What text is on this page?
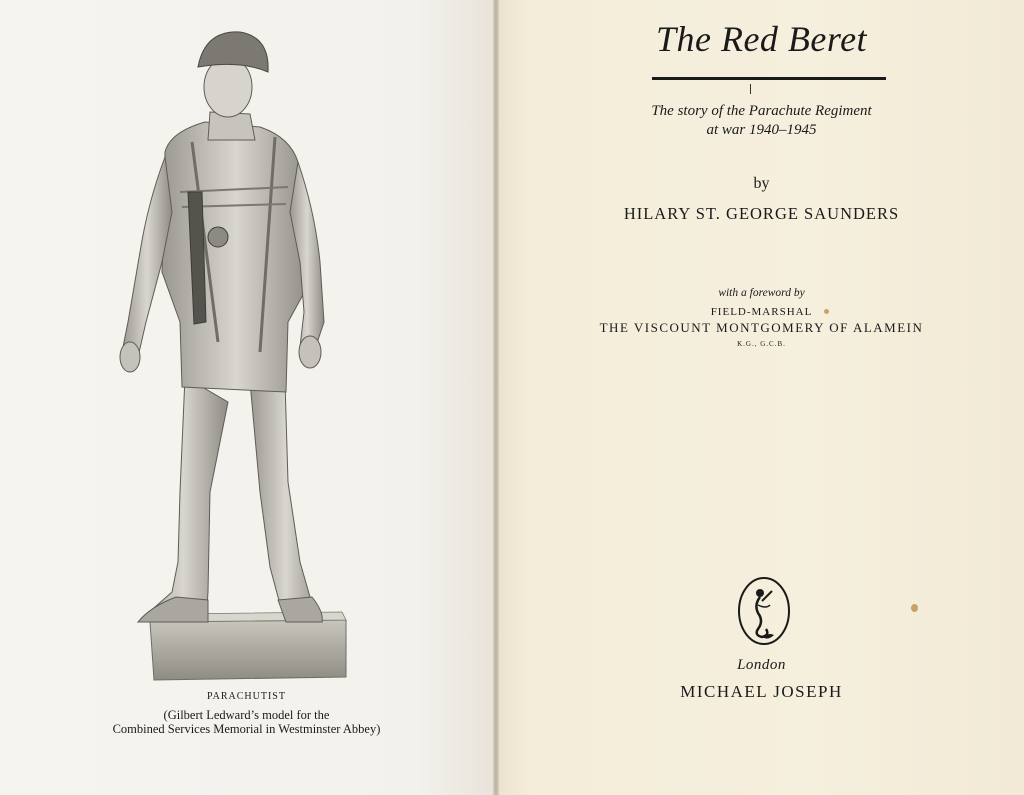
PARACHUTIST
(Gilbert Ledward’s model for the
Combined Services Memorial in Westminster Abbey)
The Red Beret
The story of the Parachute Regiment
at war 1940–1945
by
HILARY ST. GEORGE SAUNDERS
with a foreword by
FIELD-MARSHAL
THE VISCOUNT MONTGOMERY OF ALAMEIN
K.G., G.C.B.
London
MICHAEL JOSEPH
